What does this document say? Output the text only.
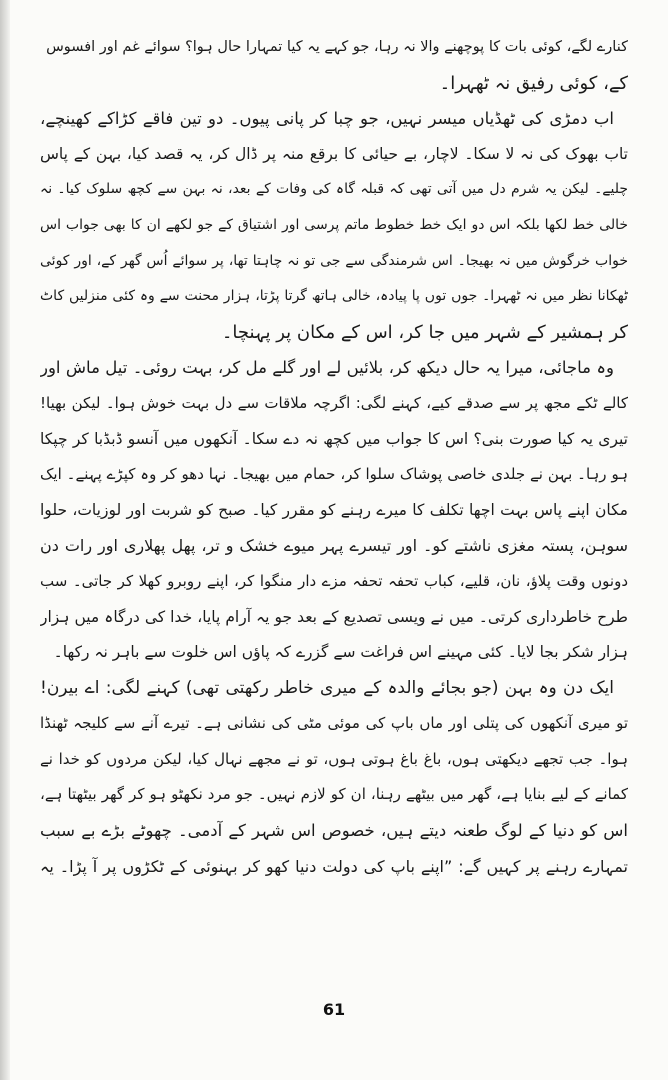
کنارے لگے، کوئی بات کا پوچھنے والا نہ رہا، جو کہے یہ کیا تمہارا حال ہوا؟ سوائے غم اور افسوس
کے، کوئی رفیق نہ ٹھہرا۔
اب دمڑی کی ٹھڈیاں میسر نہیں، جو چبا کر پانی پیوں۔ دو تین فاقے کڑاکے کھینچے،
تاب بھوک کی نہ لا سکا۔ لاچار، بے حیائی کا برقع منہ پر ڈال کر، یہ قصد کیا، بہن کے پاس
چلیے۔ لیکن یہ شرم دل میں آتی تھی کہ قبلہ گاہ کی وفات کے بعد، نہ بہن سے کچھ سلوک کیا۔ نہ
خالی خط لکھا بلکہ اس دو ایک خط خطوط ماتم پرسی اور اشتیاق کے جو لکھے ان کا بھی جواب اس
خواب خرگوش میں نہ بھیجا۔ اس شرمندگی سے جی تو نہ چاہتا تھا، پر سوائے اُس گھر کے، اور کوئی
ٹھکانا نظر میں نہ ٹھہرا۔ جوں توں پا پیادہ، خالی ہاتھ گرتا پڑتا، ہزار محنت سے وہ کئی منزلیں کاٹ
کر ہمشیر کے شہر میں جا کر، اس کے مکان پر پہنچا۔
وہ ماجائی، میرا یہ حال دیکھ کر، بلائیں لے اور گلے مل کر، بہت روئی۔ تیل ماش اور
کالے ٹکے مجھ پر سے صدقے کیے، کہنے لگی: اگرچہ ملاقات سے دل بہت خوش ہوا۔ لیکن بھیا!
تیری یہ کیا صورت بنی؟ اس کا جواب میں کچھ نہ دے سکا۔ آنکھوں میں آنسو ڈبڈبا کر چپکا
ہو رہا۔ بہن نے جلدی خاصی پوشاک سلوا کر، حمام میں بھیجا۔ نہا دھو کر وہ کپڑے پہنے۔ ایک
مکان اپنے پاس بہت اچھا تکلف کا میرے رہنے کو مقرر کیا۔ صبح کو شربت اور لوزیات، حلوا
سوہن، پستہ مغزی ناشتے کو۔ اور تیسرے پہر میوے خشک و تر، پھل پھلاری اور رات دن
دونوں وقت پلاؤ، نان، قلیے، کباب تحفہ تحفہ مزے دار منگوا کر، اپنے روبرو کھلا کر جاتی۔ سب
طرح خاطرداری کرتی۔ میں نے ویسی تصدیع کے بعد جو یہ آرام پایا، خدا کی درگاہ میں ہزار
ہزار شکر بجا لایا۔ کئی مہینے اس فراغت سے گزرے کہ پاؤں اس خلوت سے باہر نہ رکھا۔
ایک دن وہ بہن (جو بجائے والدہ کے میری خاطر رکھتی تھی) کہنے لگی: اے بیرن!
تو میری آنکھوں کی پتلی اور ماں باپ کی موئی مٹی کی نشانی ہے۔ تیرے آنے سے کلیجہ ٹھنڈا
ہوا۔ جب تجھے دیکھتی ہوں، باغ باغ ہوتی ہوں، تو نے مجھے نہال کیا، لیکن مردوں کو خدا نے
کمانے کے لیے بنایا ہے، گھر میں بیٹھے رہنا، ان کو لازم نہیں۔ جو مرد نکھٹو ہو کر گھر بیٹھتا ہے،
اس کو دنیا کے لوگ طعنہ دیتے ہیں، خصوص اس شہر کے آدمی۔ چھوٹے بڑے بے سبب
تمہارے رہنے پر کہیں گے: ”اپنے باپ کی دولت دنیا کھو کر بہنوئی کے ٹکڑوں پر آ پڑا۔ یہ
61
